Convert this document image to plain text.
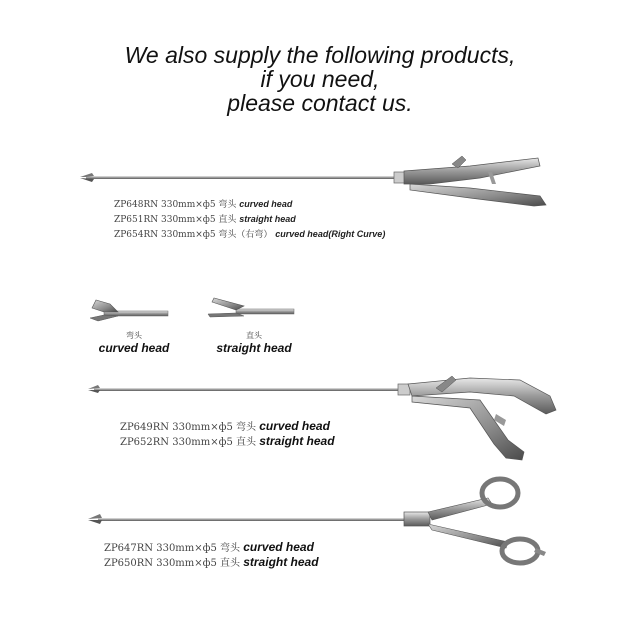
We also supply the following products,
if you need,
please contact us.
ZP648RN 330mm×ф5 弯头 curved head
ZP651RN 330mm×ф5 直头 straight head
ZP654RN 330mm×ф5 弯头（右弯） curved head(Right Curve)
弯头
curved head
直头
straight head
ZP649RN 330mm×ф5 弯头 curved head
ZP652RN 330mm×ф5 直头 straight head
ZP647RN 330mm×ф5 弯头 curved head
ZP650RN 330mm×ф5 直头 straight head
